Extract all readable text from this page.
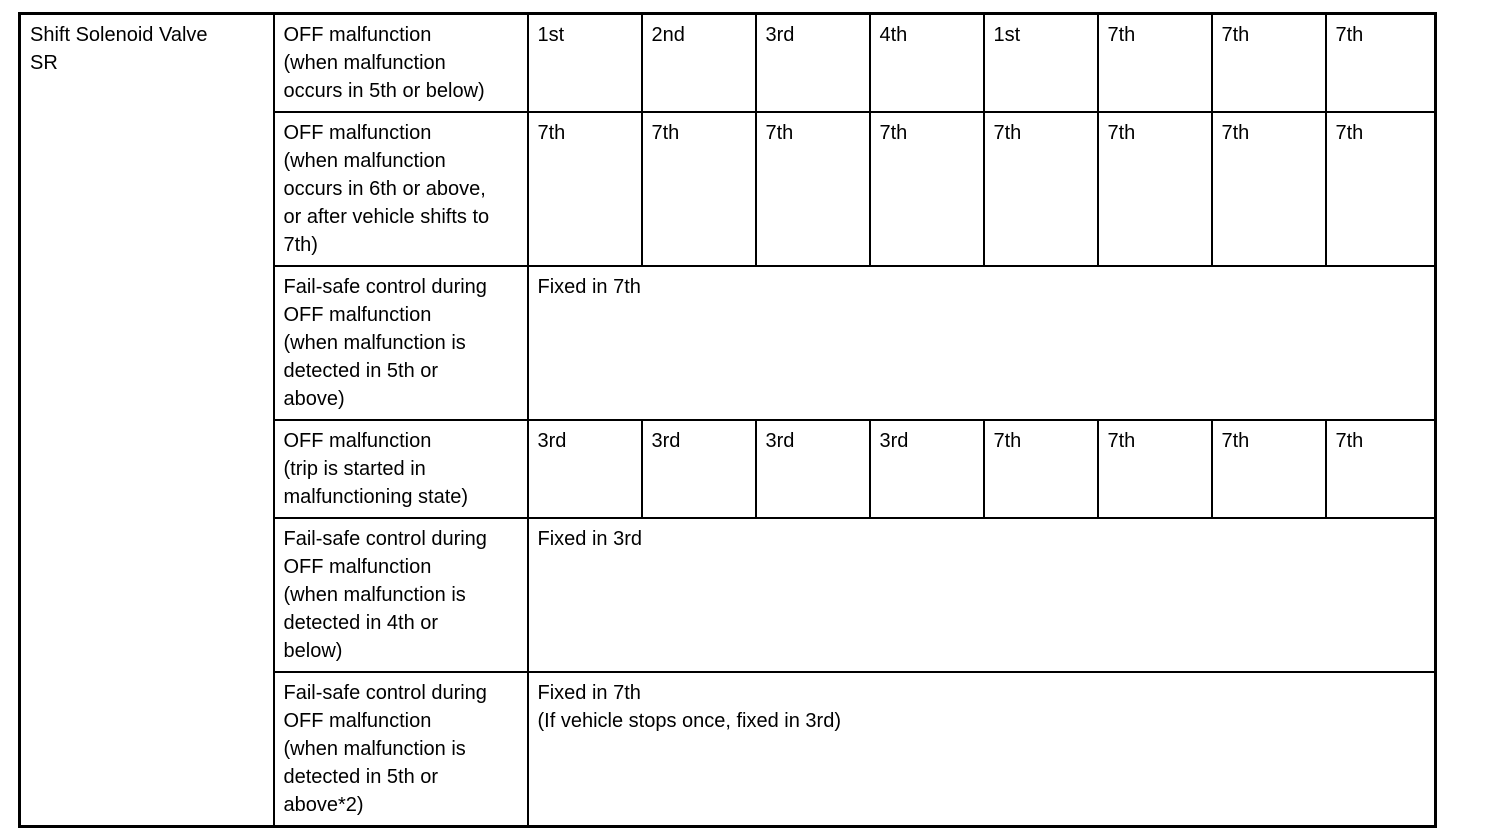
Shift Solenoid Valve
SR	OFF malfunction
(when malfunction
occurs in 5th or below)	1st	2nd	3rd	4th	1st	7th	7th	7th
	OFF malfunction
(when malfunction
occurs in 6th or above,
or after vehicle shifts to
7th)	7th	7th	7th	7th	7th	7th	7th	7th
	Fail-safe control during
OFF malfunction
(when malfunction is
detected in 5th or
above)	Fixed in 7th							
	OFF malfunction
(trip is started in
malfunctioning state)	3rd	3rd	3rd	3rd	7th	7th	7th	7th
	Fail-safe control during
OFF malfunction
(when malfunction is
detected in 4th or
below)	Fixed in 3rd							
	Fail-safe control during
OFF malfunction
(when malfunction is
detected in 5th or
above*2)	Fixed in 7th
(If vehicle stops once, fixed in 3rd)							
